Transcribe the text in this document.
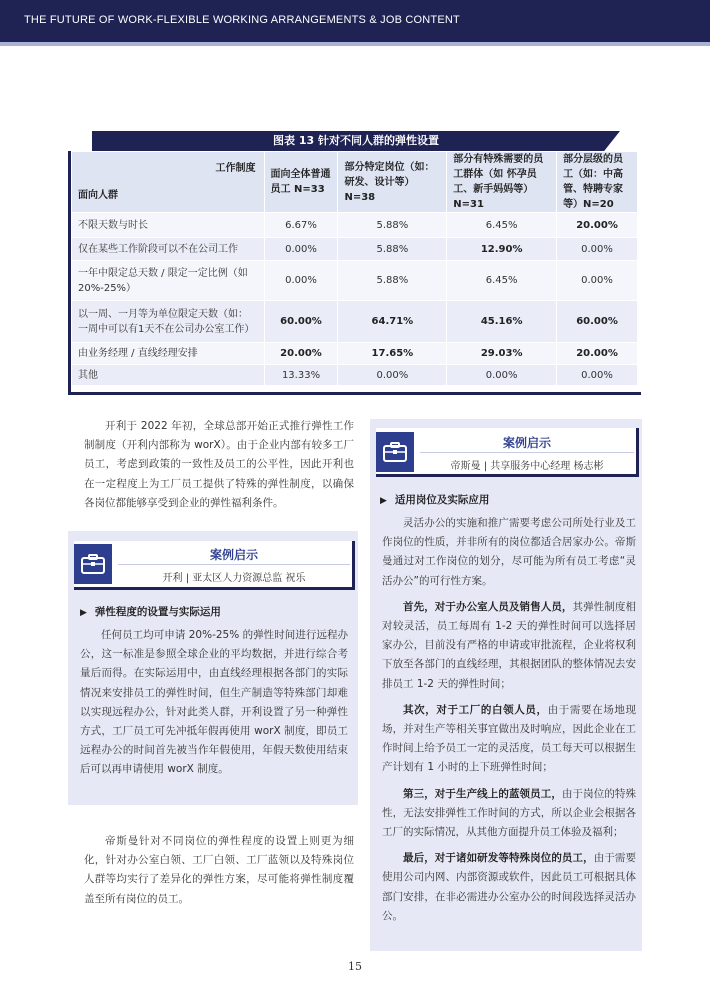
THE FUTURE OF WORK-FLEXIBLE WORKING ARRANGEMENTS & JOB CONTENT
图表 13 针对不同人群的弹性设置
工作制度
面向人群	面向全体普通员工 N=33	部分特定岗位（如：研发、设计等）N=38	部分有特殊需要的员工群体（如 怀孕员工、新手妈妈等）N=31	部分层级的员工（如：中高管、特聘专家等）N=20
不限天数与时长	6.67%	5.88%	6.45%	20.00%
仅在某些工作阶段可以不在公司工作	0.00%	5.88%	12.90%	0.00%
一年中限定总天数 / 限定一定比例（如 20%-25%）	0.00%	5.88%	6.45%	0.00%
以一周、一月等为单位限定天数（如：一周中可以有1天不在公司办公室工作）	60.00%	64.71%	45.16%	60.00%
由业务经理 / 直线经理安排	20.00%	17.65%	29.03%	20.00%
其他	13.33%	0.00%	0.00%	0.00%
开利于 2022 年初，全球总部开始正式推行弹性工作制制度（开利内部称为 worX）。由于企业内部有较多工厂员工，考虑到政策的一致性及员工的公平性，因此开利也在一定程度上为工厂员工提供了特殊的弹性制度，以确保各岗位都能够享受到企业的弹性福利条件。
案例启示
开利 | 亚太区人力资源总监 祝乐
▶ 弹性程度的设置与实际运用

任何员工均可申请 20%-25% 的弹性时间进行远程办公，这一标准是参照全球企业的平均数据，并进行综合考量后而得。在实际运用中，由直线经理根据各部门的实际情况来安排员工的弹性时间，但生产制造等特殊部门却难以实现远程办公，针对此类人群，开利设置了另一种弹性方式，工厂员工可先冲抵年假再使用 worX 制度，即员工远程办公的时间首先被当作年假使用，年假天数使用结束后可以再申请使用 worX 制度。

帝斯曼针对不同岗位的弹性程度的设置上则更为细化，针对办公室白领、工厂白领、工厂蓝领以及特殊岗位人群等均实行了差异化的弹性方案，尽可能将弹性制度覆盖至所有岗位的员工。
案例启示
帝斯曼 | 共享服务中心经理 杨志彬
▶ 适用岗位及实际应用

灵活办公的实施和推广需要考虑公司所处行业及工作岗位的性质，并非所有的岗位都适合居家办公。帝斯曼通过对工作岗位的划分，尽可能为所有员工考虑“灵活办公”的可行性方案。

首先，对于办公室人员及销售人员，其弹性制度相对较灵活，员工每周有 1-2 天的弹性时间可以选择居家办公，目前没有严格的申请或审批流程，企业将权利下放至各部门的直线经理，其根据团队的整体情况去安排员工 1-2 天的弹性时间；

其次，对于工厂的白领人员，由于需要在场地现场，并对生产等相关事宜做出及时响应，因此企业在工作时间上给予员工一定的灵活度，员工每天可以根据生产计划有 1 小时的上下班弹性时间；

第三，对于生产线上的蓝领员工，由于岗位的特殊性，无法安排弹性工作时间的方式，所以企业会根据各工厂的实际情况，从其他方面提升员工体验及福利；

最后，对于诸如研发等特殊岗位的员工，由于需要使用公司内网、内部资源或软件，因此员工可根据具体部门安排，在非必需进办公室办公的时间段选择灵活办公。

15
